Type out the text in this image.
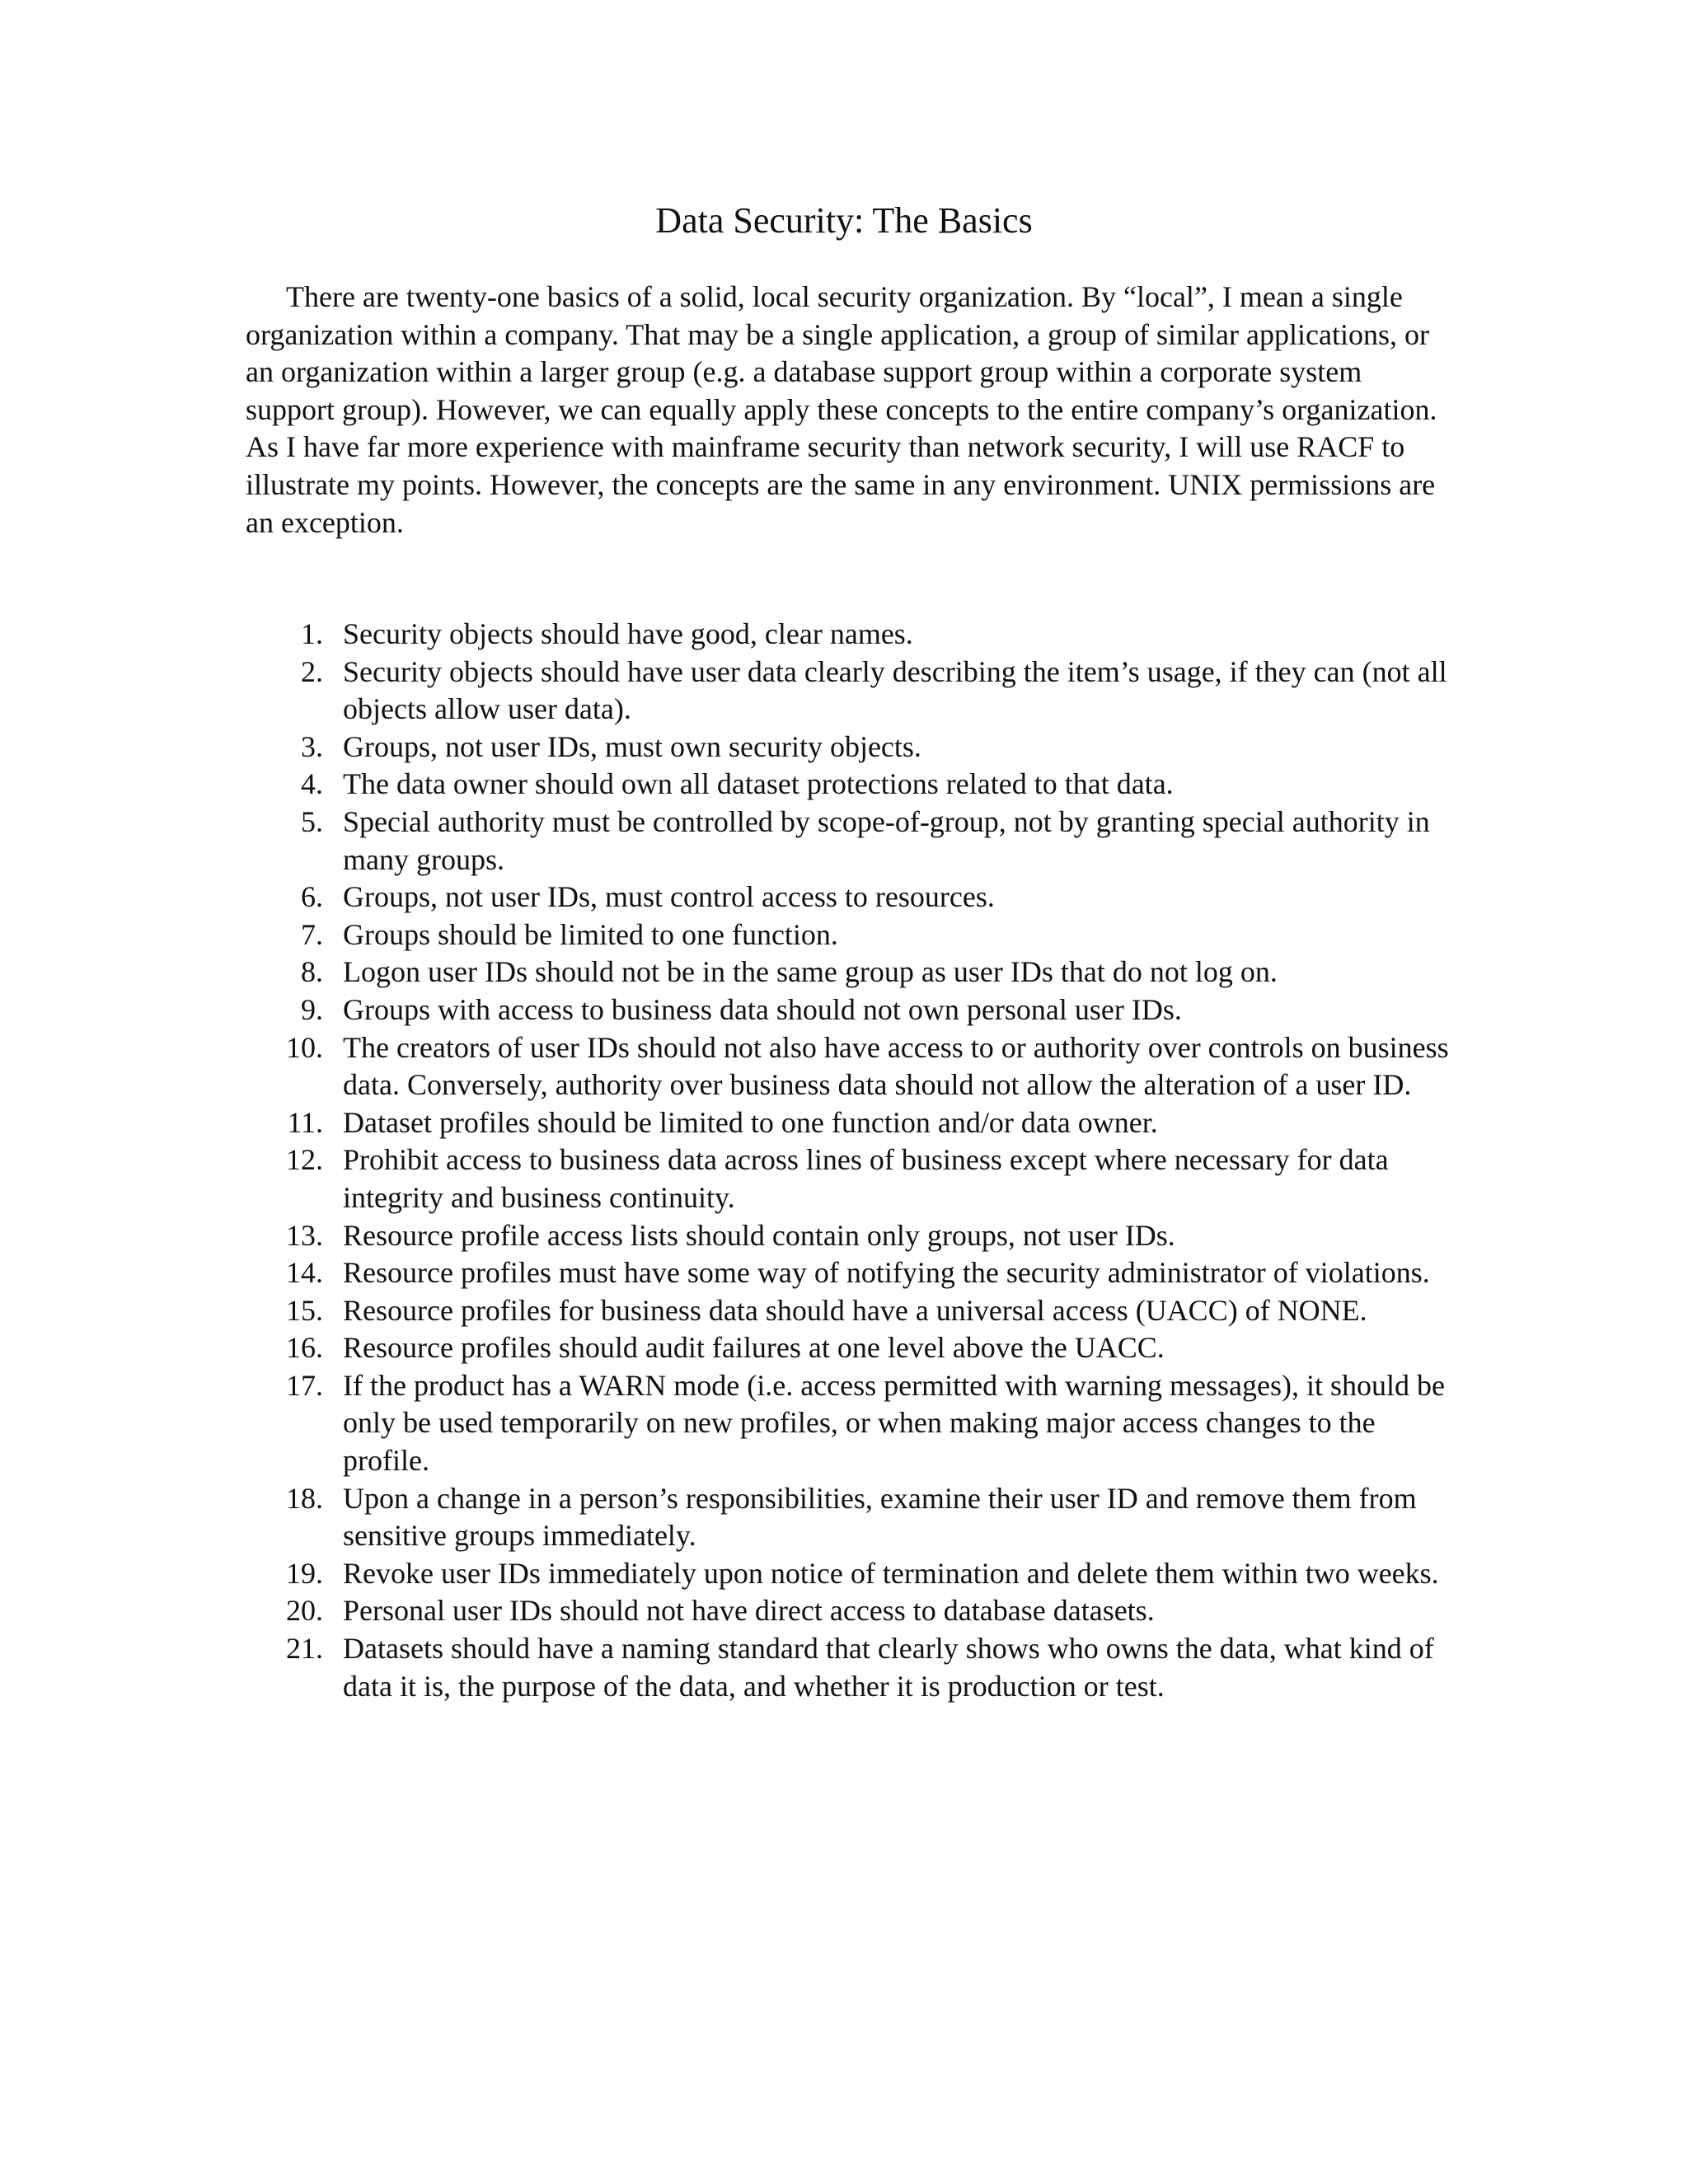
Data Security: The Basics

There are twenty-one basics of a solid, local security organization. By “local”, I mean a single organization within a company. That may be a single application, a group of similar applications, or an organization within a larger group (e.g. a database support group within a corporate system support group). However, we can equally apply these concepts to the entire company’s organization. As I have far more experience with mainframe security than network security, I will use RACF to illustrate my points. However, the concepts are the same in any environment. UNIX permissions are an exception.

1. Security objects should have good, clear names.
2. Security objects should have user data clearly describing the item’s usage, if they can (not all objects allow user data).
3. Groups, not user IDs, must own security objects.
4. The data owner should own all dataset protections related to that data.
5. Special authority must be controlled by scope-of-group, not by granting special authority in many groups.
6. Groups, not user IDs, must control access to resources.
7. Groups should be limited to one function.
8. Logon user IDs should not be in the same group as user IDs that do not log on.
9. Groups with access to business data should not own personal user IDs.
10. The creators of user IDs should not also have access to or authority over controls on business data. Conversely, authority over business data should not allow the alteration of a user ID.
11. Dataset profiles should be limited to one function and/or data owner.
12. Prohibit access to business data across lines of business except where necessary for data integrity and business continuity.
13. Resource profile access lists should contain only groups, not user IDs.
14. Resource profiles must have some way of notifying the security administrator of violations.
15. Resource profiles for business data should have a universal access (UACC) of NONE.
16. Resource profiles should audit failures at one level above the UACC.
17. If the product has a WARN mode (i.e. access permitted with warning messages), it should be only be used temporarily on new profiles, or when making major access changes to the profile.
18. Upon a change in a person’s responsibilities, examine their user ID and remove them from sensitive groups immediately.
19. Revoke user IDs immediately upon notice of termination and delete them within two weeks.
20. Personal user IDs should not have direct access to database datasets.
21. Datasets should have a naming standard that clearly shows who owns the data, what kind of data it is, the purpose of the data, and whether it is production or test.
